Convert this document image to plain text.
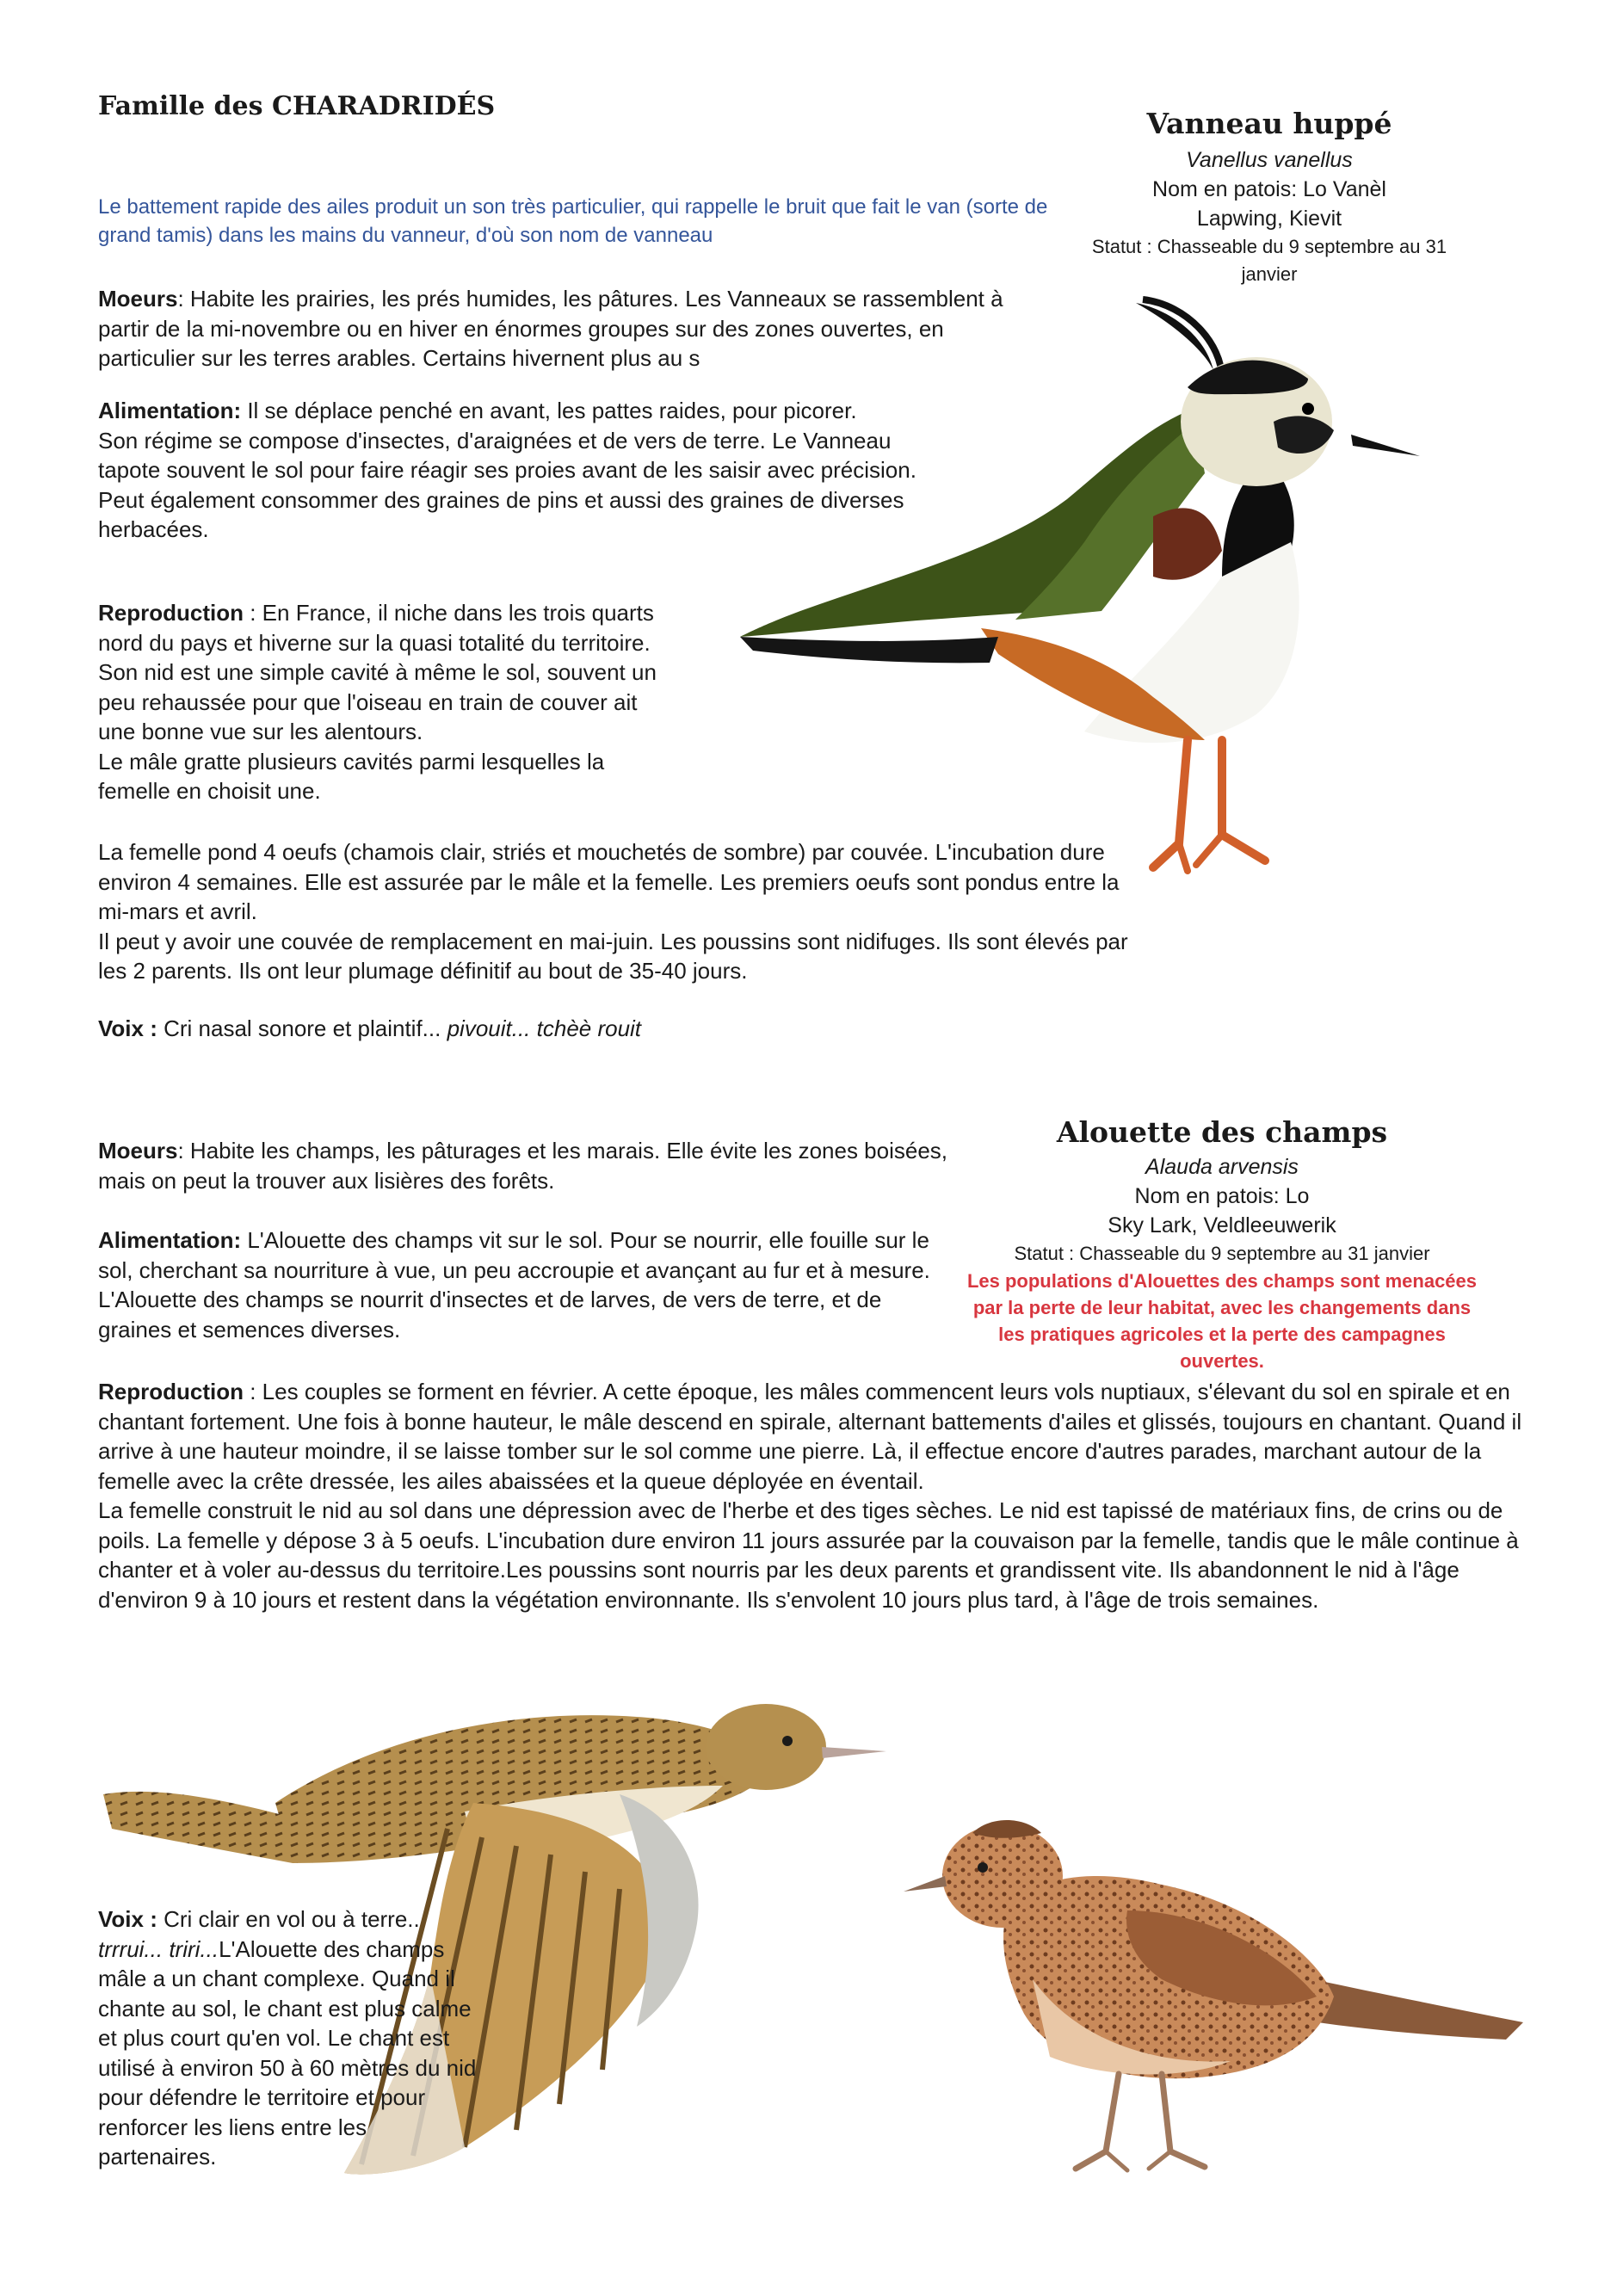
Famille des CHARADRIDÉS

Le battement rapide des ailes produit un son très particulier, qui rappelle le bruit que fait le van (sorte de grand tamis) dans les mains du vanneur, d'où son nom de vanneau

Vanneau huppé
Vanellus vanellus
Nom en patois: Lo Vanèl
Lapwing, Kievit
Statut : Chasseable du 9 septembre au 31 janvier

Moeurs: Habite les prairies, les prés humides, les pâtures. Les Vanneaux se rassemblent à partir de la mi-novembre ou en hiver en énormes groupes sur des zones ouvertes, en particulier sur les terres arables. Certains hivernent plus au s

Alimentation: Il se déplace penché en avant, les pattes raides, pour picorer.

Son régime se compose d'insectes, d'araignées et de vers de terre. Le Vanneau tapote souvent le sol pour faire réagir ses proies avant de les saisir avec précision.

Peut également consommer des graines de pins et aussi des graines de diverses herbacées.

Reproduction : En France, il niche dans les trois quarts nord du pays et hiverne sur la quasi totalité du territoire.

Son nid est une simple cavité à même le sol, souvent un peu rehaussée pour que l'oiseau en train de couver ait une bonne vue sur les alentours.

Le mâle gratte plusieurs cavités parmi lesquelles la femelle en choisit une.

La femelle pond 4 oeufs (chamois clair, striés et mouchetés de sombre) par couvée. L'incubation dure environ 4 semaines. Elle est assurée par le mâle et la femelle. Les premiers oeufs sont pondus entre la mi-mars et avril.

Il peut y avoir une couvée de remplacement en mai-juin. Les poussins sont nidifuges. Ils sont élevés par les 2 parents. Ils ont leur plumage définitif au bout de 35-40 jours.

Voix : Cri nasal sonore et plaintif... pivouit... tchèè rouit

Alouette des champs
Alauda arvensis
Nom en patois: Lo
Sky Lark, Veldleeuwerik
Statut : Chasseable du 9 septembre au 31 janvier
Les populations d'Alouettes des champs sont menacées par la perte de leur habitat, avec les changements dans les pratiques agricoles et la perte des campagnes ouvertes.

Moeurs: Habite les champs, les pâturages et les marais. Elle évite les zones boisées, mais on peut la trouver aux lisières des forêts.

Alimentation: L'Alouette des champs vit sur le sol. Pour se nourrir, elle fouille sur le sol, cherchant sa nourriture à vue, un peu accroupie et avançant au fur et à mesure. L'Alouette des champs se nourrit d'insectes et de larves, de vers de terre, et de graines et semences diverses.

Reproduction : Les couples se forment en février. A cette époque, les mâles commencent leurs vols nuptiaux, s'élevant du sol en spirale et en chantant fortement. Une fois à bonne hauteur, le mâle descend en spirale, alternant battements d'ailes et glissés, toujours en chantant. Quand il arrive à une hauteur moindre, il se laisse tomber sur le sol comme une pierre. Là, il effectue encore d'autres parades, marchant autour de la femelle avec la crête dressée, les ailes abaissées et la queue déployée en éventail.

La femelle construit le nid au sol dans une dépression avec de l'herbe et des tiges sèches. Le nid est tapissé de matériaux fins, de crins ou de poils. La femelle y dépose 3 à 5 oeufs. L'incubation dure environ 11 jours assurée par la couvaison par la femelle, tandis que le mâle continue à chanter et à voler au-dessus du territoire.Les poussins sont nourris par les deux parents et grandissent vite. Ils abandonnent le nid à l'âge d'environ 9 à 10 jours et restent dans la végétation environnante. Ils s'envolent 10 jours plus tard, à l'âge de trois semaines.

Voix : Cri clair en vol ou à terre..
trrrui... triri...L'Alouette des champs mâle a un chant complexe. Quand il chante au sol, le chant est plus calme et plus court qu'en vol. Le chant est utilisé à environ 50 à 60 mètres du nid pour défendre le territoire et pour renforcer les liens entre les partenaires.
